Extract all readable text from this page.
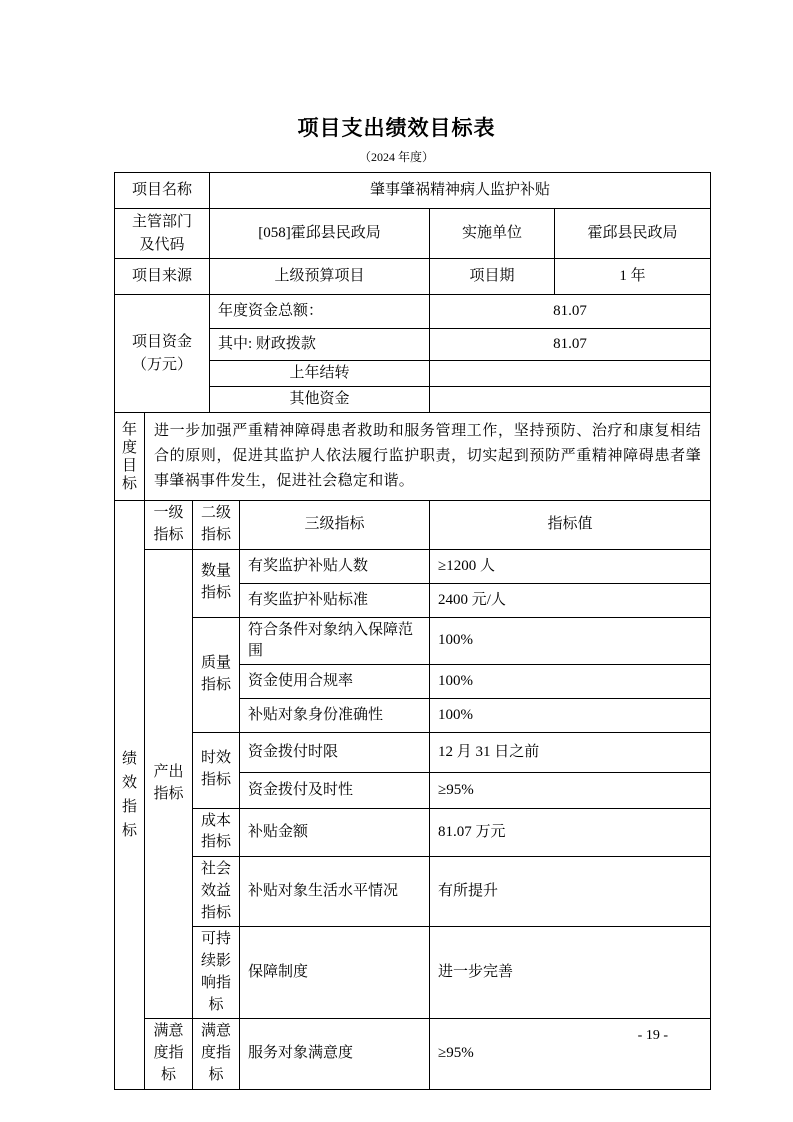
项目支出绩效目标表
（2024 年度）
项目名称			肇事肇祸精神病人监护补贴			
主管部门及代码			[058]霍邱县民政局		实施单位	霍邱县民政局
项目来源			上级预算项目		项目期	1 年
项目资金（万元）			年度资金总额：		81.07	
			其中: 财政拨款		81.07	
			上年结转			
			其他资金			
年度目标	进一步加强严重精神障碍患者救助和服务管理工作，坚持预防、治疗和康复相结合的原则，促进其监护人依法履行监护职责，切实起到预防严重精神障碍患者肇事肇祸事件发生，促进社会稳定和谐。					
绩效指标	一级指标	二级指标		三级指标	指标值	
	产出指标	数量指标		有奖监护补贴人数	≥1200 人	
				有奖监护补贴标准	2400 元/人	
		质量指标		符合条件对象纳入保障范围	100%	
				资金使用合规率	100%	
				补贴对象身份准确性	100%	
		时效指标		资金拨付时限	12 月 31 日之前	
				资金拨付及时性	≥95%	
		成本指标		补贴金额	81.07 万元	
		社会效益指标		补贴对象生活水平情况	有所提升	
		可持续影响指标		保障制度	进一步完善	
	满意度指标	满意度指标		服务对象满意度	≥95%	
- 19 -
